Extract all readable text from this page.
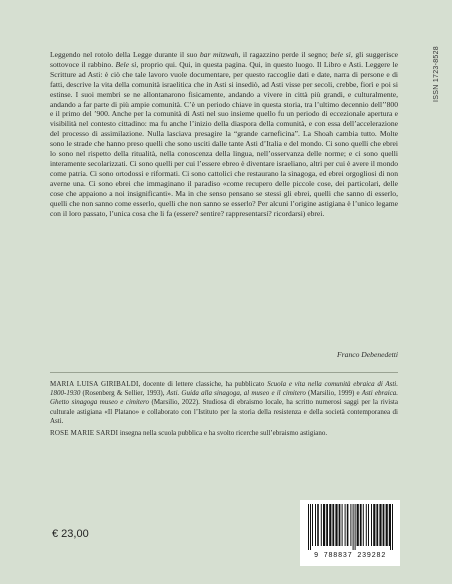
ISSN 1723-8528

Leggendo nel rotolo della Legge durante il suo bar mitzwah, il ragazzino perde il segno; bele sì, gli suggerisce sottovoce il rabbino. Bele sì, proprio qui. Qui, in questa pagina. Qui, in questo luogo. Il Libro e Asti. Leggere le Scritture ad Asti: è ciò che tale lavoro vuole documentare, per questo raccoglie dati e date, narra di persone e di fatti, descrive la vita della comunità israelitica che in Asti si insediò, ad Asti visse per secoli, crebbe, fiorì e poi si estinse. I suoi membri se ne allontanarono fisicamente, andando a vivere in città più grandi, e culturalmente, andando a far parte di più ampie comunità. C’è un periodo chiave in questa storia, tra l’ultimo decennio dell’’800 e il primo del ’900. Anche per la comunità di Asti nel suo insieme quello fu un periodo di eccezionale apertura e visibilità nel contesto cittadino: ma fu anche l’inizio della diaspora della comunità, e con essa dell’accelerazione del processo di assimilazione. Nulla lasciava presagire la “grande carneficina”. La Shoah cambia tutto. Molte sono le strade che hanno preso quelli che sono usciti dalle tante Asti d’Italia e del mondo. Ci sono quelli che ebrei lo sono nel rispetto della ritualità, nella conoscenza della lingua, nell’osservanza delle norme; e ci sono quelli interamente secolarizzati. Ci sono quelli per cui l’essere ebreo è diventare israeliano, altri per cui è avere il mondo come patria. Ci sono ortodossi e riformati. Ci sono cattolici che restaurano la sinagoga, ed ebrei orgogliosi di non averne una. Ci sono ebrei che immaginano il paradiso «come recupero delle piccole cose, dei particolari, delle cose che appaiono a noi insignificanti». Ma in che senso pensano se stessi gli ebrei, quelli che sanno di esserlo, quelli che non sanno come esserlo, quelli che non sanno se esserlo? Per alcuni l’origine astigiana è l’unico legame con il loro passato, l’unica cosa che li fa (essere? sentire? rappresentarsi? ricordarsi) ebrei.

Franco Debenedetti

MARIA LUISA GIRIBALDI, docente di lettere classiche, ha pubblicato Scuola e vita nella comunità ebraica di Asti. 1800-1930 (Rosenberg & Sellier, 1993), Asti. Guida alla sinagoga, al museo e il cimitero (Marsilio, 1999) e Asti ebraica. Ghetto sinagoga museo e cimitero (Marsilio, 2022). Studiosa di ebraismo locale, ha scritto numerosi saggi per la rivista culturale astigiana «Il Platano» e collaborato con l’Istituto per la storia della resistenza e della società contemporanea di Asti.

ROSE MARIE SARDI insegna nella scuola pubblica e ha svolto ricerche sull’ebraismo astigiano.

€ 23,00
9 788837 239282
